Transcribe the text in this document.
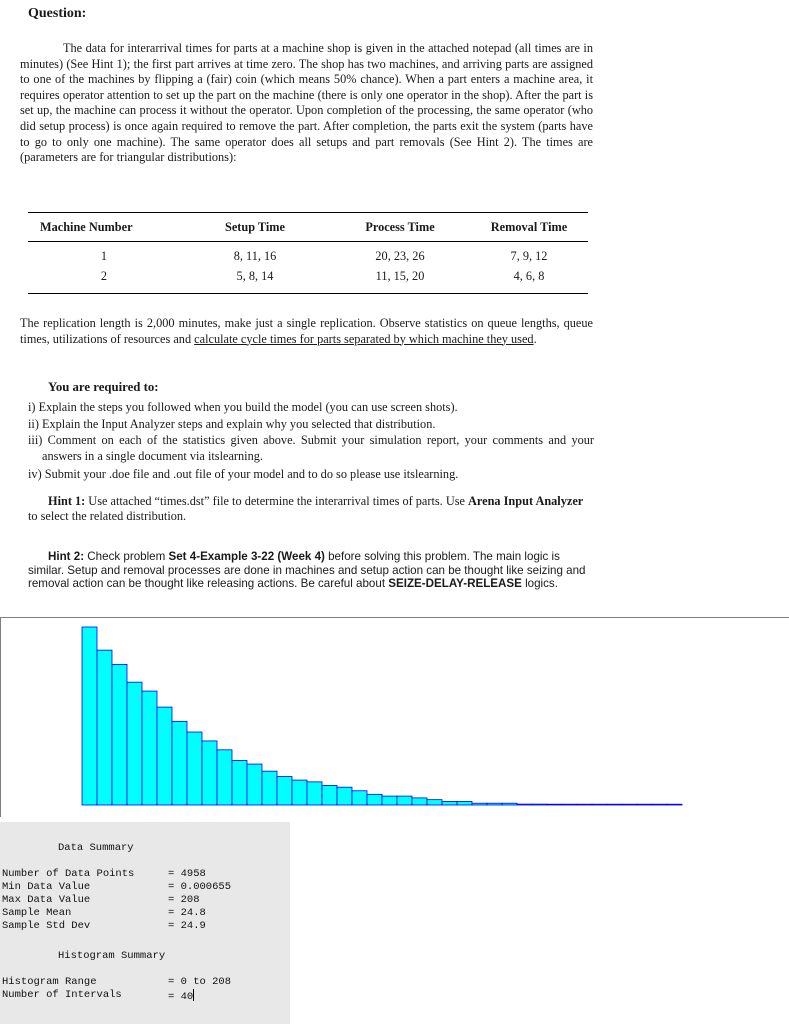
Question:
The data for interarrival times for parts at a machine shop is given in the attached notepad (all times are in minutes) (See Hint 1); the first part arrives at time zero. The shop has two machines, and arriving parts are assigned to one of the machines by flipping a (fair) coin (which means 50% chance). When a part enters a machine area, it requires operator attention to set up the part on the machine (there is only one operator in the shop). After the part is set up, the machine can process it without the operator. Upon completion of the processing, the same operator (who did setup process) is once again required to remove the part. After completion, the parts exit the system (parts have to go to only one machine). The same operator does all setups and part removals (See Hint 2). The times are (parameters are for triangular distributions):
Machine Number	Setup Time	Process Time	Removal Time
1	8, 11, 16	20, 23, 26	7, 9, 12
2	5, 8, 14	11, 15, 20	4, 6, 8
The replication length is 2,000 minutes, make just a single replication. Observe statistics on queue lengths, queue times, utilizations of resources and calculate cycle times for parts separated by which machine they used.
You are required to:
i) Explain the steps you followed when you build the model (you can use screen shots).
ii) Explain the Input Analyzer steps and explain why you selected that distribution.
iii) Comment on each of the statistics given above. Submit your simulation report, your comments and your answers in a single document via itslearning.
iv) Submit your .doe file and .out file of your model and to do so please use itslearning.
Hint 1: Use attached “times.dst” file to determine the interarrival times of parts. Use Arena Input Analyzer to select the related distribution.
Hint 2: Check problem Set 4-Example 3-22 (Week 4) before solving this problem. The main logic is similar. Setup and removal processes are done in machines and setup action can be thought like seizing and removal action can be thought like releasing actions. Be careful about SEIZE-DELAY-RELEASE logics.
Data Summary
Number of Data Points	= 4958
Min Data Value	= 0.000655
Max Data Value	= 208
Sample Mean	= 24.8
Sample Std Dev	= 24.9
Histogram Summary
Histogram Range	= 0 to 208
Number of Intervals	= 40
